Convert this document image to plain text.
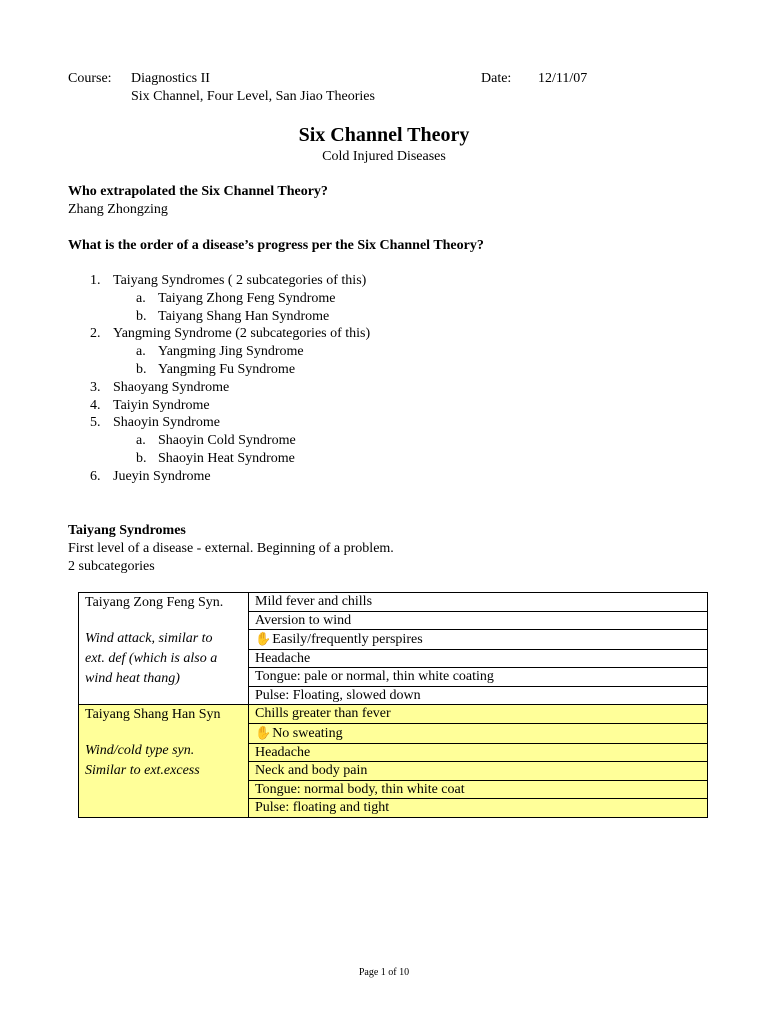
Course: Diagnostics II
Six Channel, Four Level, San Jiao Theories
Date: 12/11/07
Six Channel Theory
Cold Injured Diseases
Who extrapolated the Six Channel Theory?
Zhang Zhongzing
What is the order of a disease’s progress per the Six Channel Theory?
1. Taiyang Syndromes ( 2 subcategories of this)
a. Taiyang Zhong Feng Syndrome
b. Taiyang Shang Han Syndrome
2. Yangming Syndrome (2 subcategories of this)
a. Yangming Jing Syndrome
b. Yangming Fu Syndrome
3. Shaoyang Syndrome
4. Taiyin Syndrome
5. Shaoyin Syndrome
a. Shaoyin Cold Syndrome
b. Shaoyin Heat Syndrome
6. Jueyin Syndrome
Taiyang Syndromes
First level of a disease - external. Beginning of a problem.
2 subcategories
Taiyang Zong Feng Syn.
Wind attack, similar to
ext. def (which is also a
wind heat thang)	Mild fever and chills
	Aversion to wind
	✋Easily/frequently perspires
	Headache
	Tongue: pale or normal, thin white coating
	Pulse: Floating, slowed down

Taiyang Shang Han Syn
Wind/cold type syn.
Similar to ext.excess	Chills greater than fever
	✋No sweating
	Headache
	Neck and body pain
	Tongue: normal body, thin white coat
	Pulse: floating and tight
Page 1 of 10
